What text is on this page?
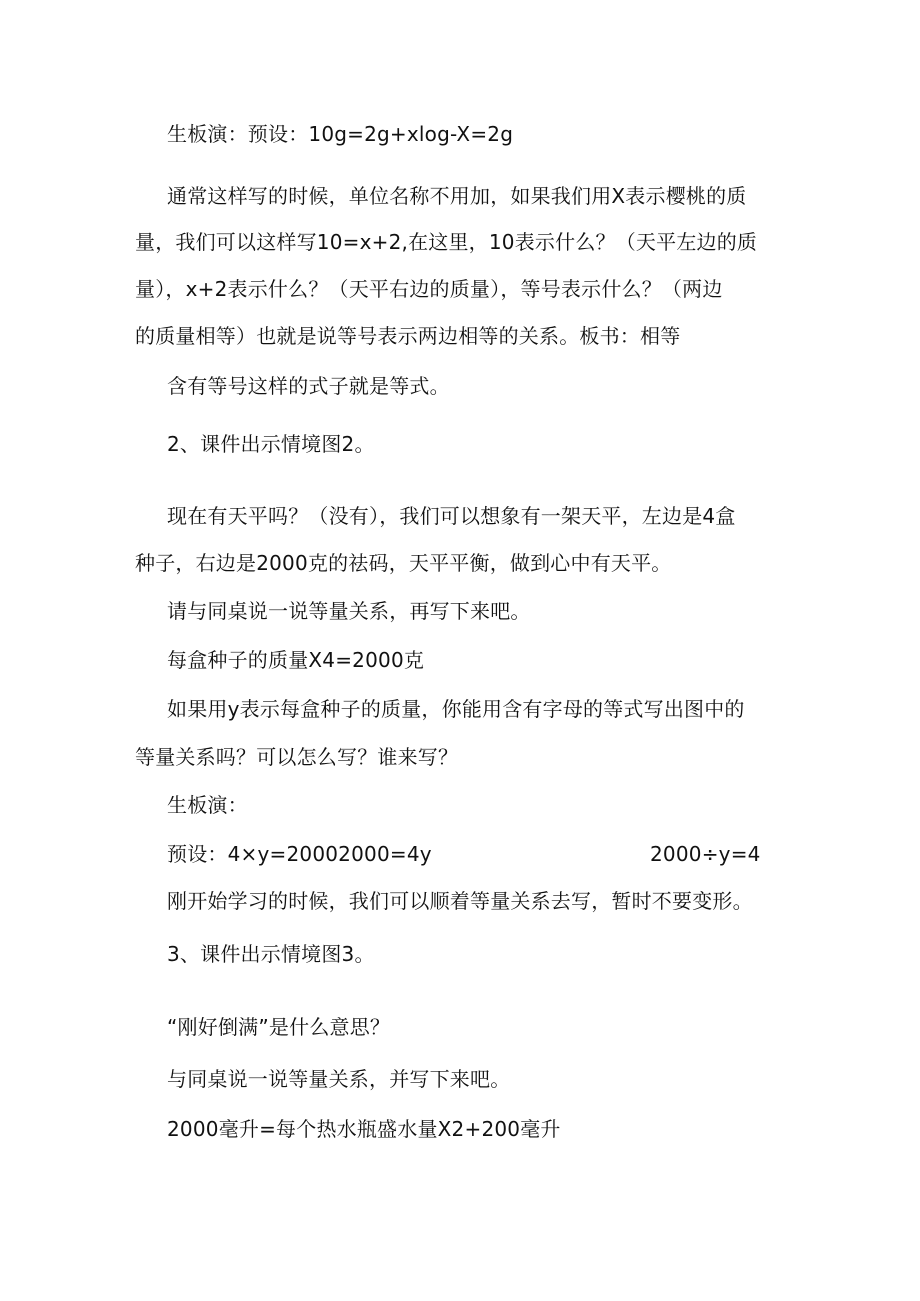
生板演：预设：10g=2g+xlog-X=2g
通常这样写的时候，单位名称不用加，如果我们用X表示樱桃的质
量，我们可以这样写10=x+2,在这里，10表示什么？（天平左边的质
量），x+2表示什么？（天平右边的质量），等号表示什么？（两边
的质量相等）也就是说等号表示两边相等的关系。板书：相等
含有等号这样的式子就是等式。
2、课件出示情境图2。
现在有天平吗？（没有），我们可以想象有一架天平，左边是4盒
种子，右边是2000克的祛码，天平平衡，做到心中有天平。
请与同桌说一说等量关系，再写下来吧。
每盒种子的质量X4=2000克
如果用y表示每盒种子的质量，你能用含有字母的等式写出图中的
等量关系吗？可以怎么写？谁来写？
生板演：
预设：4×y=20002000=4y	2000÷y=4
刚开始学习的时候，我们可以顺着等量关系去写，暂时不要变形。
3、课件出示情境图3。
“刚好倒满”是什么意思？
与同桌说一说等量关系，并写下来吧。
2000毫升=每个热水瓶盛水量X2+200毫升
